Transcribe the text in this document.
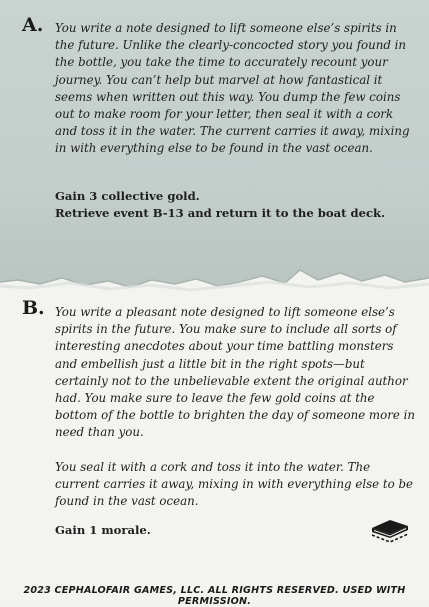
A. You write a note designed to lift someone else’s spirits in the future. Unlike the clearly-concocted story you found in the bottle, you take the time to accurately recount your journey. You can’t help but marvel at how fantastical it seems when written out this way. You dump the few coins out to make room for your letter, then seal it with a cork and toss it in the water. The current carries it away, mixing in with everything else to be found in the vast ocean.

Gain 3 collective gold.
Retrieve event B-13 and return it to the boat deck.
B. You write a pleasant note designed to lift someone else’s spirits in the future. You make sure to include all sorts of interesting anecdotes about your time battling monsters and embellish just a little bit in the right spots—but certainly not to the unbelievable extent the original author had. You make sure to leave the few gold coins at the bottom of the bottle to brighten the day of someone more in need than you.

You seal it with a cork and toss it into the water. The current carries it away, mixing in with everything else to be found in the vast ocean.

Gain 1 morale.
2023 CEPHALOFAIR GAMES, LLC. ALL RIGHTS RESERVED. USED WITH PERMISSION.
